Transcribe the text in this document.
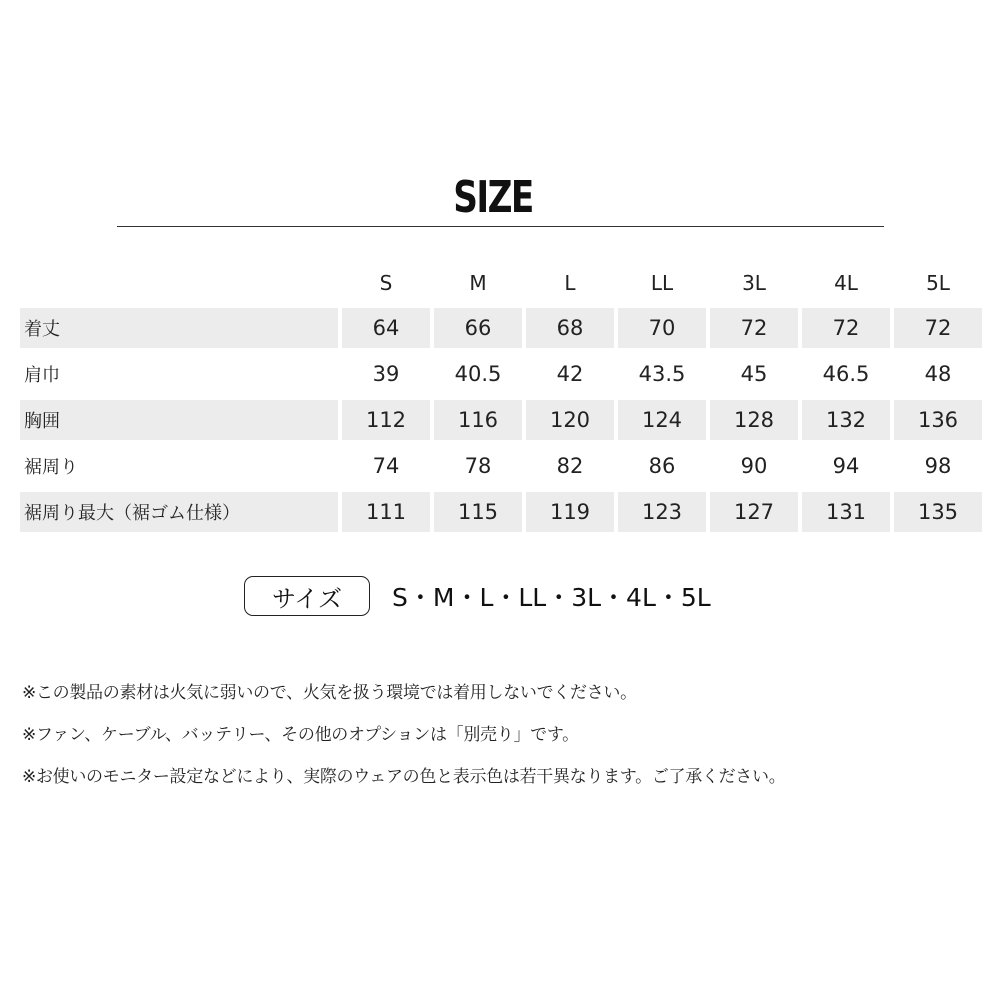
SIZE
	S	M	L	LL	3L	4L	5L
着丈	64	66	68	70	72	72	72
肩巾	39	40.5	42	43.5	45	46.5	48
胸囲	112	116	120	124	128	132	136
裾周り	74	78	82	86	90	94	98
裾周り最大（裾ゴム仕様）	111	115	119	123	127	131	135
サイズ	S・M・L・LL・3L・4L・5L
※この製品の素材は火気に弱いので、火気を扱う環境では着用しないでください。
※ファン、ケーブル、バッテリー、その他のオプションは「別売り」です。
※お使いのモニター設定などにより、実際のウェアの色と表示色は若干異なります。ご了承ください。
